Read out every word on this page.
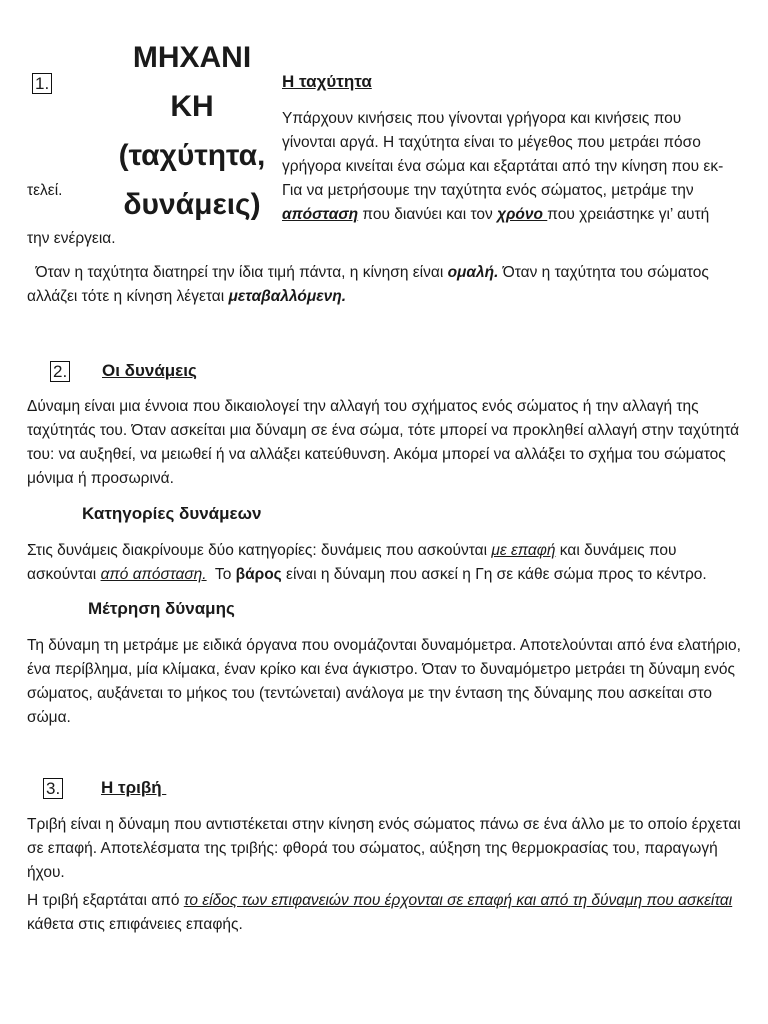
1.
ΜΗΧΑΝΙ
ΚΗ
(ταχύτητα,
δυνάμεις)
Η ταχύτητα
Υπάρχουν κινήσεις που γίνονται γρήγορα και κινήσεις που
γίνονται αργά. Η ταχύτητα είναι το μέγεθος που μετράει πόσο
γρήγορα κινείται ένα σώμα και εξαρτάται από την κίνηση που εκ-
Για να μετρήσουμε την ταχύτητα ενός σώματος, μετράμε την
απόσταση που διανύει και τον χρόνο που χρειάστηκε γι’ αυτή
τελεί.
την ενέργεια.

Όταν η ταχύτητα διατηρεί την ίδια τιμή πάντα, η κίνηση είναι ομαλή. Όταν η ταχύτητα του σώματος αλλάζει τότε η κίνηση λέγεται μεταβαλλόμενη.

2. Οι δυνάμεις

Δύναμη είναι μια έννοια που δικαιολογεί την αλλαγή του σχήματος ενός σώματος ή την αλλαγή της ταχύτητάς του. Όταν ασκείται μια δύναμη σε ένα σώμα, τότε μπορεί να προκληθεί αλλαγή στην ταχύτητά του: να αυξηθεί, να μειωθεί ή να αλλάξει κατεύθυνση. Ακόμα μπορεί να αλλάξει το σχήμα του σώματος μόνιμα ή προσωρινά.

Κατηγορίες δυνάμεων

Στις δυνάμεις διακρίνουμε δύο κατηγορίες: δυνάμεις που ασκούνται με επαφή και δυνάμεις που ασκούνται από απόσταση.  Το βάρος είναι η δύναμη που ασκεί η Γη σε κάθε σώμα προς το κέντρο.

Μέτρηση δύναμης

Τη δύναμη τη μετράμε με ειδικά όργανα που ονομάζονται δυναμόμετρα. Αποτελούνται από ένα ελατήριο, ένα περίβλημα, μία κλίμακα, έναν κρίκο και ένα άγκιστρο. Όταν το δυναμόμετρο μετράει τη δύναμη ενός σώματος, αυξάνεται το μήκος του (τεντώνεται) ανάλογα με την ένταση της δύναμης που ασκείται στο σώμα.

3. Η τριβή

Τριβή είναι η δύναμη που αντιστέκεται στην κίνηση ενός σώματος πάνω σε ένα άλλο με το οποίο έρχεται σε επαφή. Αποτελέσματα της τριβής: φθορά του σώματος, αύξηση της θερμοκρασίας του, παραγωγή ήχου.

Η τριβή εξαρτάται από το είδος των επιφανειών που έρχονται σε επαφή και από τη δύναμη που ασκείται κάθετα στις επιφάνειες επαφής.
